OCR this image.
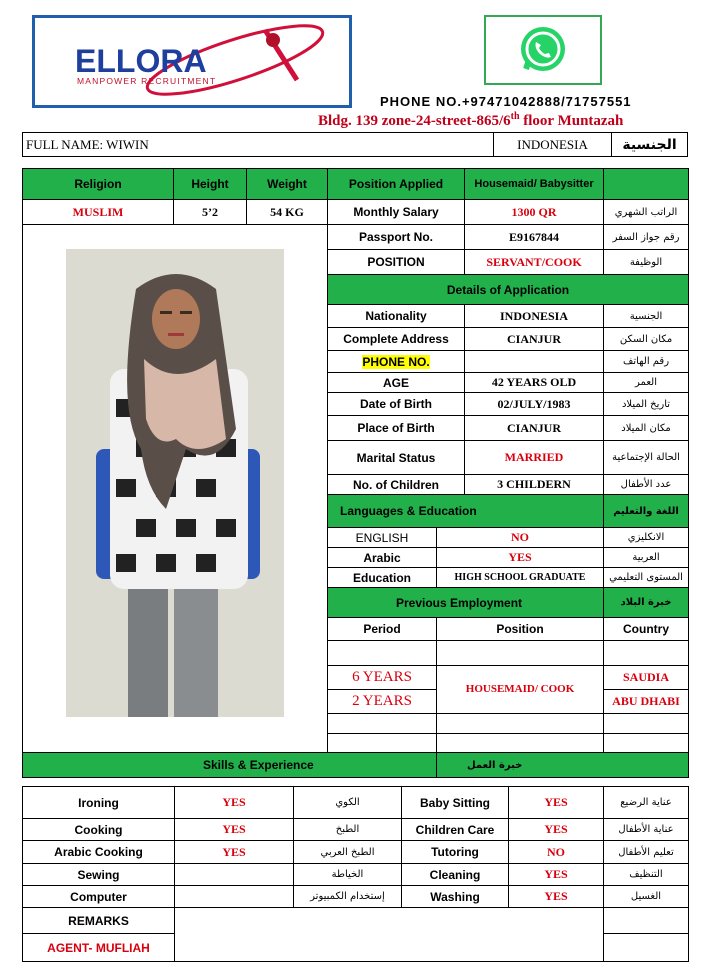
ELLORA
MANPOWER RECRUITMENT
PHONE NO.+97471042888/71757551
Bldg. 139 zone-24-street-865/6th floor Muntazah
FULL NAME: WIWIN	INDONESIA	الجنسية
Religion	Height	Weight	Position Applied		Housemaid/ Babysitter	
MUSLIM	5’2	54 KG	Monthly Salary		1300 QR	الراتب الشهري
			Passport No.		E9167844	رقم جواز السفر
			POSITION		SERVANT/COOK	الوظيفة
			Details of Application			
			Nationality		INDONESIA	الجنسية
			Complete Address		CIANJUR	مكان السكن
			PHONE NO.			رقم الهاتف
			AGE		42 YEARS OLD	العمر
			Date of Birth		02/JULY/1983	تاريخ الميلاد
			Place of Birth		CIANJUR	مكان الميلاد
			Marital Status		MARRIED	الحالة الإجتماعية
			No. of Children		3 CHILDERN	عدد الأطفال
			Languages & Education			اللغة والتعليم
			ENGLISH	NO		الانكليزي
			Arabic	YES		العربية
			Education	HIGH SCHOOL GRADUATE		المستوى التعليمي
			Previous Employment			خبرة البلاد
			Period	Position		Country

			6 YEARS	HOUSEMAID/ COOK		SAUDIA
			2 YEARS			ABU DHABI

Skills & Experience				خبرة العمل		
Ironing	YES	الكوي	Baby Sitting	YES	عناية الرضيع
Cooking	YES	الطبخ	Children Care	YES	عناية الأطفال
Arabic Cooking	YES	الطبخ العربي	Tutoring	NO	تعليم الأطفال
Sewing		الخياطة	Cleaning	YES	التنظيف
Computer		إستخدام الكمبيوتر	Washing	YES	الغسيل
REMARKS					
AGENT- MUFLIAH					
